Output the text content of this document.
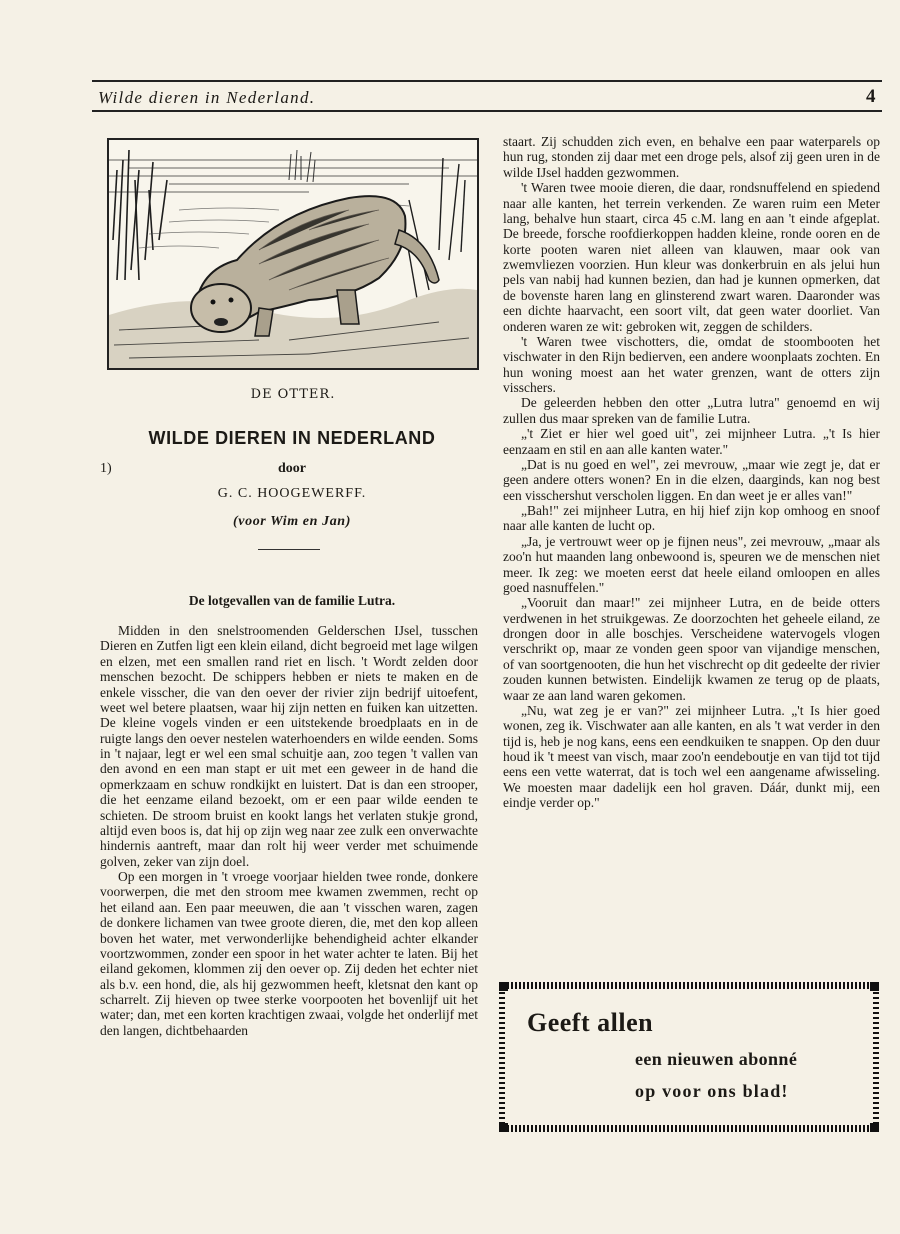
Wilde dieren in Nederland.	4
DE OTTER.
WILDE DIEREN IN NEDERLAND
1)	door
G. C. HOOGEWERFF.
(voor Wim en Jan)
De lotgevallen van de familie Lutra.

Midden in den snelstroomenden Gelderschen IJsel, tusschen Dieren en Zutfen ligt een klein eiland, dicht begroeid met lage wilgen en elzen, met een smallen rand riet en lisch. 't Wordt zelden door menschen bezocht. De schippers hebben er niets te maken en de enkele visscher, die van den oever der rivier zijn bedrijf uitoefent, weet wel betere plaatsen, waar hij zijn netten en fuiken kan uitzetten. De kleine vogels vinden er een uitstekende broedplaats en in de ruigte langs den oever nestelen waterhoenders en wilde eenden. Soms in 't najaar, legt er wel een smal schuitje aan, zoo tegen 't vallen van den avond en een man stapt er uit met een geweer in de hand die opmerkzaam en schuw rondkijkt en luistert. Dat is dan een strooper, die het eenzame eiland bezoekt, om er een paar wilde eenden te schieten. De stroom bruist en kookt langs het verlaten stukje grond, altijd even boos is, dat hij op zijn weg naar zee zulk een onverwachte hindernis aantreft, maar dan rolt hij weer verder met schuimende golven, zeker van zijn doel.

Op een morgen in 't vroege voorjaar hielden twee ronde, donkere voorwerpen, die met den stroom mee kwamen zwemmen, recht op het eiland aan. Een paar meeuwen, die aan 't visschen waren, zagen de donkere lichamen van twee groote dieren, die, met den kop alleen boven het water, met verwonderlijke behendigheid achter elkander voortzwommen, zonder een spoor in het water achter te laten. Bij het eiland gekomen, klommen zij den oever op. Zij deden het echter niet als b.v. een hond, die, als hij gezwommen heeft, kletsnat den kant op scharrelt. Zij hieven op twee sterke voorpooten het bovenlijf uit het water; dan, met een korten krachtigen zwaai, volgde het onderlijf met den langen, dichtbehaarden

staart. Zij schudden zich even, en behalve een paar waterparels op hun rug, stonden zij daar met een droge pels, alsof zij geen uren in de wilde IJsel hadden gezwommen.

't Waren twee mooie dieren, die daar, rondsnuffelend en spiedend naar alle kanten, het terrein verkenden. Ze waren ruim een Meter lang, behalve hun staart, circa 45 c.M. lang en aan 't einde afgeplat. De breede, forsche roofdierkoppen hadden kleine, ronde ooren en de korte pooten waren niet alleen van klauwen, maar ook van zwemvliezen voorzien. Hun kleur was donkerbruin en als jelui hun pels van nabij had kunnen bezien, dan had je kunnen opmerken, dat de bovenste haren lang en glinsterend zwart waren. Daaronder was een dichte haarvacht, een soort vilt, dat geen water doorliet. Van onderen waren ze wit: gebroken wit, zeggen de schilders.

't Waren twee vischotters, die, omdat de stoombooten het vischwater in den Rijn bedierven, een andere woonplaats zochten. En hun woning moest aan het water grenzen, want de otters zijn visschers.

De geleerden hebben den otter „Lutra lutra" genoemd en wij zullen dus maar spreken van de familie Lutra.

„'t Ziet er hier wel goed uit", zei mijnheer Lutra. „'t Is hier eenzaam en stil en aan alle kanten water."

„Dat is nu goed en wel", zei mevrouw, „maar wie zegt je, dat er geen andere otters wonen? En in die elzen, daarginds, kan nog best een visschershut verscholen liggen. En dan weet je er alles van!"

„Bah!" zei mijnheer Lutra, en hij hief zijn kop omhoog en snoof naar alle kanten de lucht op.

„Ja, je vertrouwt weer op je fijnen neus", zei mevrouw, „maar als zoo'n hut maanden lang onbewoond is, speuren we de menschen niet meer. Ik zeg: we moeten eerst dat heele eiland omloopen en alles goed nasnuffelen."

„Vooruit dan maar!" zei mijnheer Lutra, en de beide otters verdwenen in het struikgewas. Ze doorzochten het geheele eiland, ze drongen door in alle boschjes. Verscheidene watervogels vlogen verschrikt op, maar ze vonden geen spoor van vijandige menschen, of van soortgenooten, die hun het vischrecht op dit gedeelte der rivier zouden kunnen betwisten. Eindelijk kwamen ze terug op de plaats, waar ze aan land waren gekomen.

„Nu, wat zeg je er van?" zei mijnheer Lutra. „'t Is hier goed wonen, zeg ik. Vischwater aan alle kanten, en als 't wat verder in den tijd is, heb je nog kans, eens een eendkuiken te snappen. Op den duur houd ik 't meest van visch, maar zoo'n eendeboutje en van tijd tot tijd eens een vette waterrat, dat is toch wel een aangename afwisseling. We moesten maar dadelijk een hol graven. Dáár, dunkt mij, een eindje verder op."

Geeft allen
een nieuwen abonné
op voor ons blad!
